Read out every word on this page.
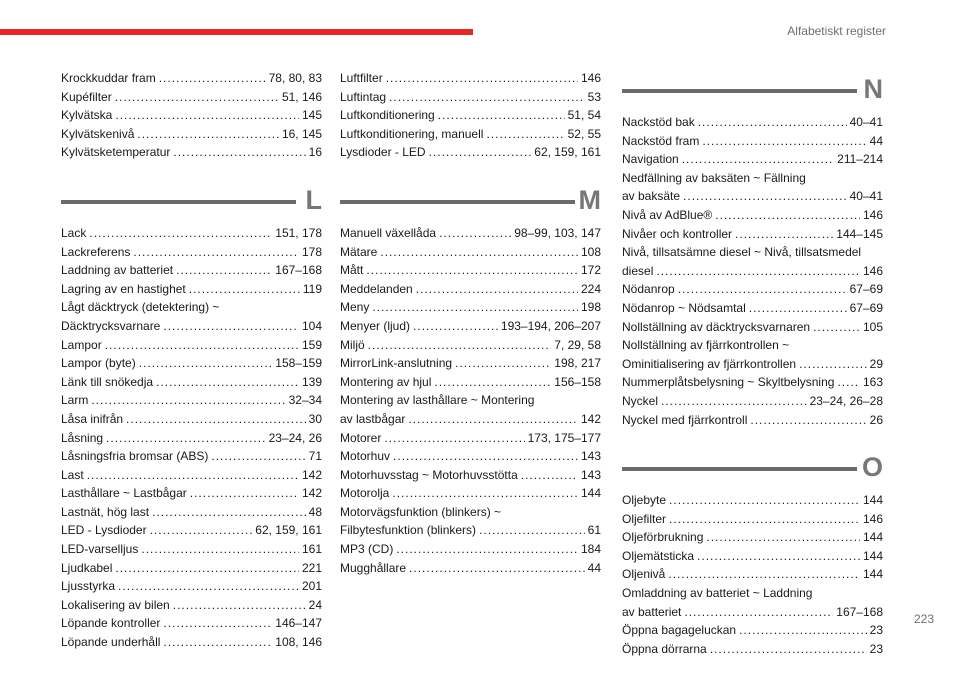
Alfabetiskt register
Krockkuddar fram .....	78, 80, 83
Kupéfilter .....	51, 146
Kylvätska .....	145
Kylvätskenivå .....	16, 145
Kylvätsketemperatur .....	16
L
Lack .....	151, 178
Lackreferens .....	178
Laddning av batteriet .....	167–168
Lagring av en hastighet .....	119
Lågt däcktryck (detektering) ~
Däcktrycksvarnare .....	104
Lampor .....	159
Lampor (byte) .....	158–159
Länk till snökedja .....	139
Larm .....	32–34
Låsa inifrån .....	30
Låsning .....	23–24, 26
Låsningsfria bromsar (ABS) .....	71
Last .....	142
Lasthållare ~ Lastbågar .....	142
Lastnät, hög last .....	48
LED - Lysdioder .....	62, 159, 161
LED-varselljus .....	161
Ljudkabel .....	221
Ljusstyrka .....	201
Lokalisering av bilen .....	24
Löpande kontroller .....	146–147
Löpande underhåll .....	108, 146
Luftfilter .....	146
Luftintag .....	53
Luftkonditionering .....	51, 54
Luftkonditionering, manuell .....	52, 55
Lysdioder - LED .....	62, 159, 161
M
Manuell växellåda .....	98–99, 103, 147
Mätare .....	108
Mått .....	172
Meddelanden .....	224
Meny .....	198
Menyer (ljud) .....	193–194, 206–207
Miljö .....	7, 29, 58
MirrorLink-anslutning .....	198, 217
Montering av hjul .....	156–158
Montering av lasthållare ~ Montering
av lastbågar .....	142
Motorer .....	173, 175–177
Motorhuv .....	143
Motorhuvsstag ~ Motorhuvsstötta .....	143
Motorolja .....	144
Motorvägsfunktion (blinkers) ~
Filbytesfunktion (blinkers) .....	61
MP3 (CD) .....	184
Mugghållare .....	44
N
Nackstöd bak .....	40–41
Nackstöd fram .....	44
Navigation .....	211–214
Nedfällning av baksäten ~ Fällning
av baksäte .....	40–41
Nivå av AdBlue® .....	146
Nivåer och kontroller .....	144–145
Nivå, tillsatsämne diesel ~ Nivå, tillsatsmedel
diesel .....	146
Nödanrop .....	67–69
Nödanrop ~ Nödsamtal .....	67–69
Nollställning av däcktrycksvarnaren .....	105
Nollställning av fjärrkontrollen ~
Ominitialisering av fjärrkontrollen .....	29
Nummerplåtsbelysning ~ Skyltbelysning ..... 163
Nyckel .....	23–24, 26–28
Nyckel med fjärrkontroll .....	26
O
Oljebyte .....	144
Oljefilter .....	146
Oljeförbrukning .....	144
Oljemätsticka .....	144
Oljenivå .....	144
Omladdning av batteriet ~ Laddning
av batteriet .....	167–168
Öppna bagageluckan .....	23
Öppna dörrarna .....	23
223
